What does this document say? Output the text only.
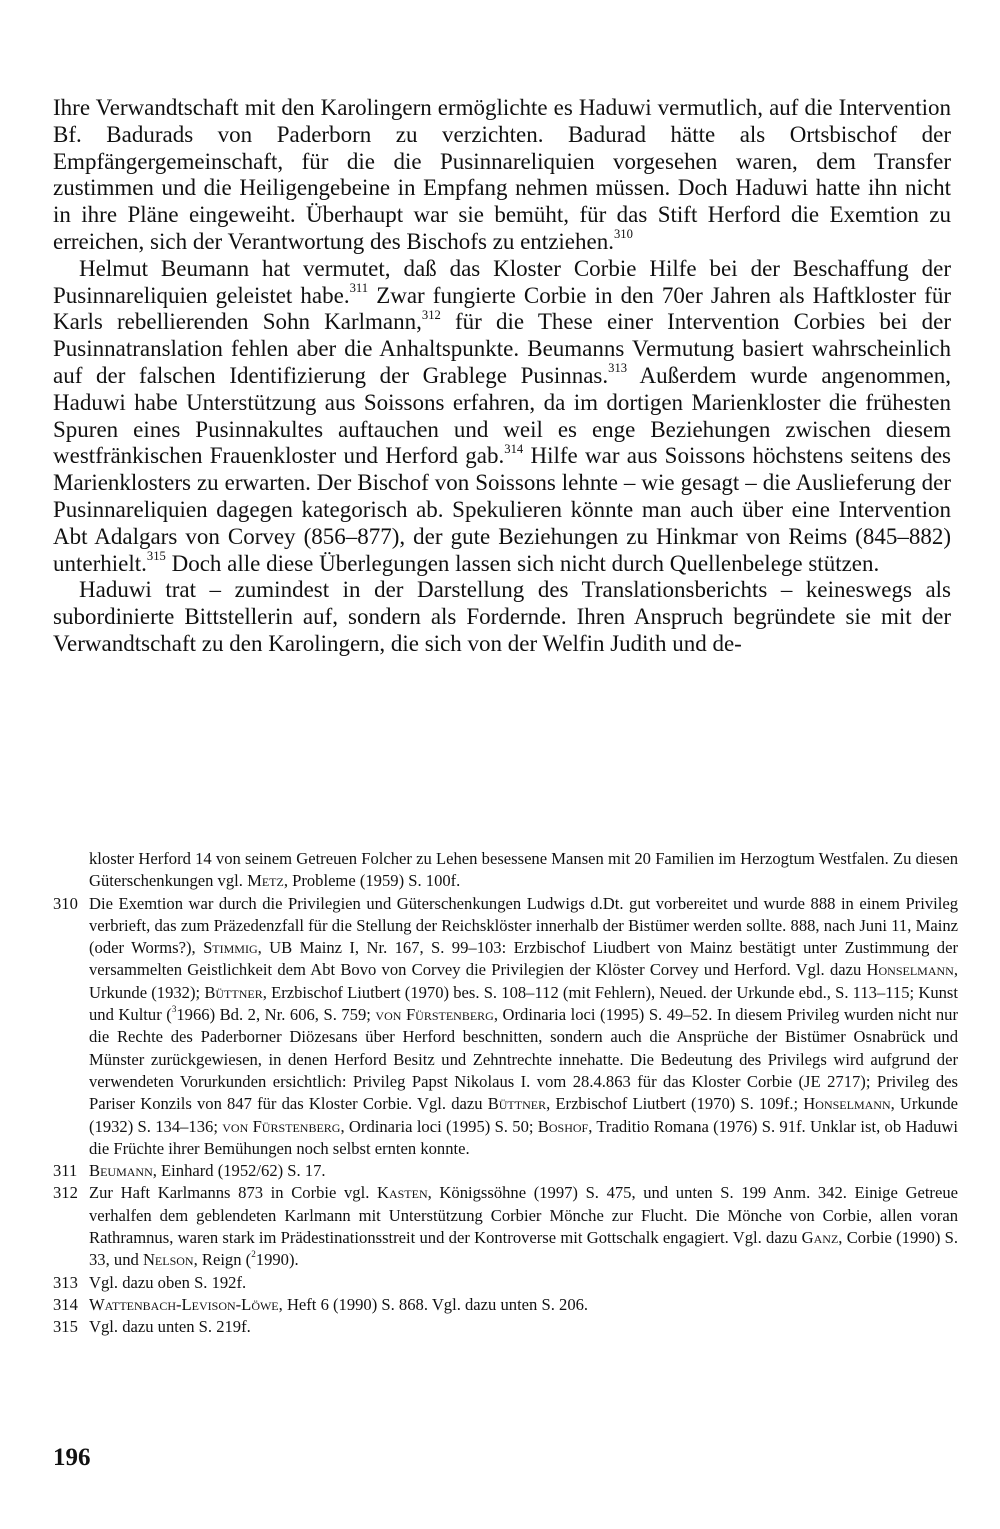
Ihre Verwandtschaft mit den Karolingern ermöglichte es Haduwi vermutlich, auf die Intervention Bf. Badurads von Paderborn zu verzichten. Badurad hätte als Ortsbischof der Empfängergemeinschaft, für die die Pusinnareliquien vorgesehen waren, dem Transfer zustimmen und die Heiligengebeine in Empfang nehmen müssen. Doch Haduwi hatte ihn nicht in ihre Pläne eingeweiht. Überhaupt war sie bemüht, für das Stift Herford die Exemtion zu erreichen, sich der Verantwortung des Bischofs zu entziehen.$^{310}$

Helmut Beumann hat vermutet, daß das Kloster Corbie Hilfe bei der Beschaffung der Pusinnareliquien geleistet habe.$^{311}$ Zwar fungierte Corbie in den 70er Jahren als Haftkloster für Karls rebellierenden Sohn Karlmann,$^{312}$ für die These einer Intervention Corbies bei der Pusinnatranslation fehlen aber die Anhaltspunkte. Beumanns Vermutung basiert wahrscheinlich auf der falschen Identifizierung der Grablege Pusinnas.$^{313}$ Außerdem wurde angenommen, Haduwi habe Unterstützung aus Soissons erfahren, da im dortigen Marienkloster die frühesten Spuren eines Pusinnakultes auftauchen und weil es enge Beziehungen zwischen diesem westfränkischen Frauenkloster und Herford gab.$^{314}$ Hilfe war aus Soissons höchstens seitens des Marienklosters zu erwarten. Der Bischof von Soissons lehnte – wie gesagt – die Auslieferung der Pusinnareliquien dagegen kategorisch ab. Spekulieren könnte man auch über eine Intervention Abt Adalgars von Corvey (856–877), der gute Beziehungen zu Hinkmar von Reims (845–882) unterhielt.$^{315}$ Doch alle diese Überlegungen lassen sich nicht durch Quellenbelege stützen.

Haduwi trat – zumindest in der Darstellung des Translationsberichts – keineswegs als subordinierte Bittstellerin auf, sondern als Fordernde. Ihren Anspruch begründete sie mit der Verwandtschaft zu den Karolingern, die sich von der Welfin Judith und de-

kloster Herford 14 von seinem Getreuen Folcher zu Lehen besessene Mansen mit 20 Familien im Herzogtum Westfalen. Zu diesen Güterschenkungen vgl. Metz, Probleme (1959) S. 100f.

310 Die Exemtion war durch die Privilegien und Güterschenkungen Ludwigs d.Dt. gut vorbereitet und wurde 888 in einem Privileg verbrieft, das zum Präzedenzfall für die Stellung der Reichsklöster innerhalb der Bistümer werden sollte. 888, nach Juni 11, Mainz (oder Worms?), Stimmig, UB Mainz I, Nr. 167, S. 99–103: Erzbischof Liudbert von Mainz bestätigt unter Zustimmung der versammelten Geistlichkeit dem Abt Bovo von Corvey die Privilegien der Klöster Corvey und Herford. Vgl. dazu Honselmann, Urkunde (1932); Büttner, Erzbischof Liutbert (1970) bes. S. 108–112 (mit Fehlern), Neued. der Urkunde ebd., S. 113–115; Kunst und Kultur ($^3$1966) Bd. 2, Nr. 606, S. 759; von Fürstenberg, Ordinaria loci (1995) S. 49–52. In diesem Privileg wurden nicht nur die Rechte des Paderborner Diözesans über Herford beschnitten, sondern auch die Ansprüche der Bistümer Osnabrück und Münster zurückgewiesen, in denen Herford Besitz und Zehntrechte innehatte. Die Bedeutung des Privilegs wird aufgrund der verwendeten Vorurkunden ersichtlich: Privileg Papst Nikolaus I. vom 28.4.863 für das Kloster Corbie (JE 2717); Privileg des Pariser Konzils von 847 für das Kloster Corbie. Vgl. dazu Büttner, Erzbischof Liutbert (1970) S. 109f.; Honselmann, Urkunde (1932) S. 134–136; von Fürstenberg, Ordinaria loci (1995) S. 50; Boshof, Traditio Romana (1976) S. 91f. Unklar ist, ob Haduwi die Früchte ihrer Bemühungen noch selbst ernten konnte.
311 Beumann, Einhard (1952/62) S. 17.
312 Zur Haft Karlmanns 873 in Corbie vgl. Kasten, Königssöhne (1997) S. 475, und unten S. 199 Anm. 342. Einige Getreue verhalfen dem geblendeten Karlmann mit Unterstützung Corbier Mönche zur Flucht. Die Mönche von Corbie, allen voran Rathramnus, waren stark im Prädestinationsstreit und der Kontroverse mit Gottschalk engagiert. Vgl. dazu Ganz, Corbie (1990) S. 33, und Nelson, Reign ($^2$1990).
313 Vgl. dazu oben S. 192f.
314 Wattenbach-Levison-Löwe, Heft 6 (1990) S. 868. Vgl. dazu unten S. 206.
315 Vgl. dazu unten S. 219f.
196
